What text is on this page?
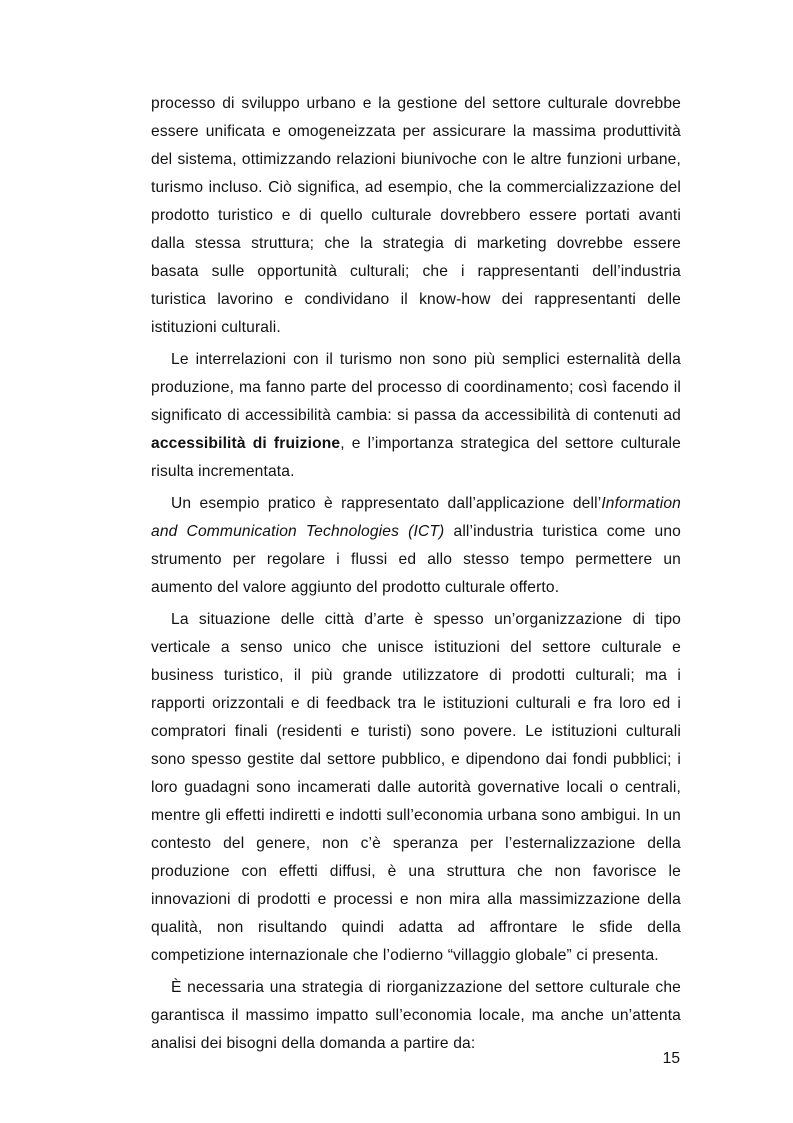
processo di sviluppo urbano e la gestione del settore culturale dovrebbe essere unificata e omogeneizzata per assicurare la massima produttività del sistema, ottimizzando relazioni biunivoche con le altre funzioni urbane, turismo incluso. Ciò significa, ad esempio, che la commercializzazione del prodotto turistico e di quello culturale dovrebbero essere portati avanti dalla stessa struttura; che la strategia di marketing dovrebbe essere basata sulle opportunità culturali; che i rappresentanti dell’industria turistica lavorino e condividano il know-how dei rappresentanti delle istituzioni culturali.

Le interrelazioni con il turismo non sono più semplici esternalità della produzione, ma fanno parte del processo di coordinamento; così facendo il significato di accessibilità cambia: si passa da accessibilità di contenuti ad accessibilità di fruizione, e l’importanza strategica del settore culturale risulta incrementata.

Un esempio pratico è rappresentato dall’applicazione dell’Information and Communication Technologies (ICT) all’industria turistica come uno strumento per regolare i flussi ed allo stesso tempo permettere un aumento del valore aggiunto del prodotto culturale offerto.

La situazione delle città d’arte è spesso un’organizzazione di tipo verticale a senso unico che unisce istituzioni del settore culturale e business turistico, il più grande utilizzatore di prodotti culturali; ma i rapporti orizzontali e di feedback tra le istituzioni culturali e fra loro ed i compratori finali (residenti e turisti) sono povere. Le istituzioni culturali sono spesso gestite dal settore pubblico, e dipendono dai fondi pubblici; i loro guadagni sono incamerati dalle autorità governative locali o centrali, mentre gli effetti indiretti e indotti sull’economia urbana sono ambigui. In un contesto del genere, non c’è speranza per l’esternalizzazione della produzione con effetti diffusi, è una struttura che non favorisce le innovazioni di prodotti e processi e non mira alla massimizzazione della qualità, non risultando quindi adatta ad affrontare le sfide della competizione internazionale che l’odierno “villaggio globale” ci presenta.

È necessaria una strategia di riorganizzazione del settore culturale che garantisca il massimo impatto sull’economia locale, ma anche un’attenta analisi dei bisogni della domanda a partire da:

15
